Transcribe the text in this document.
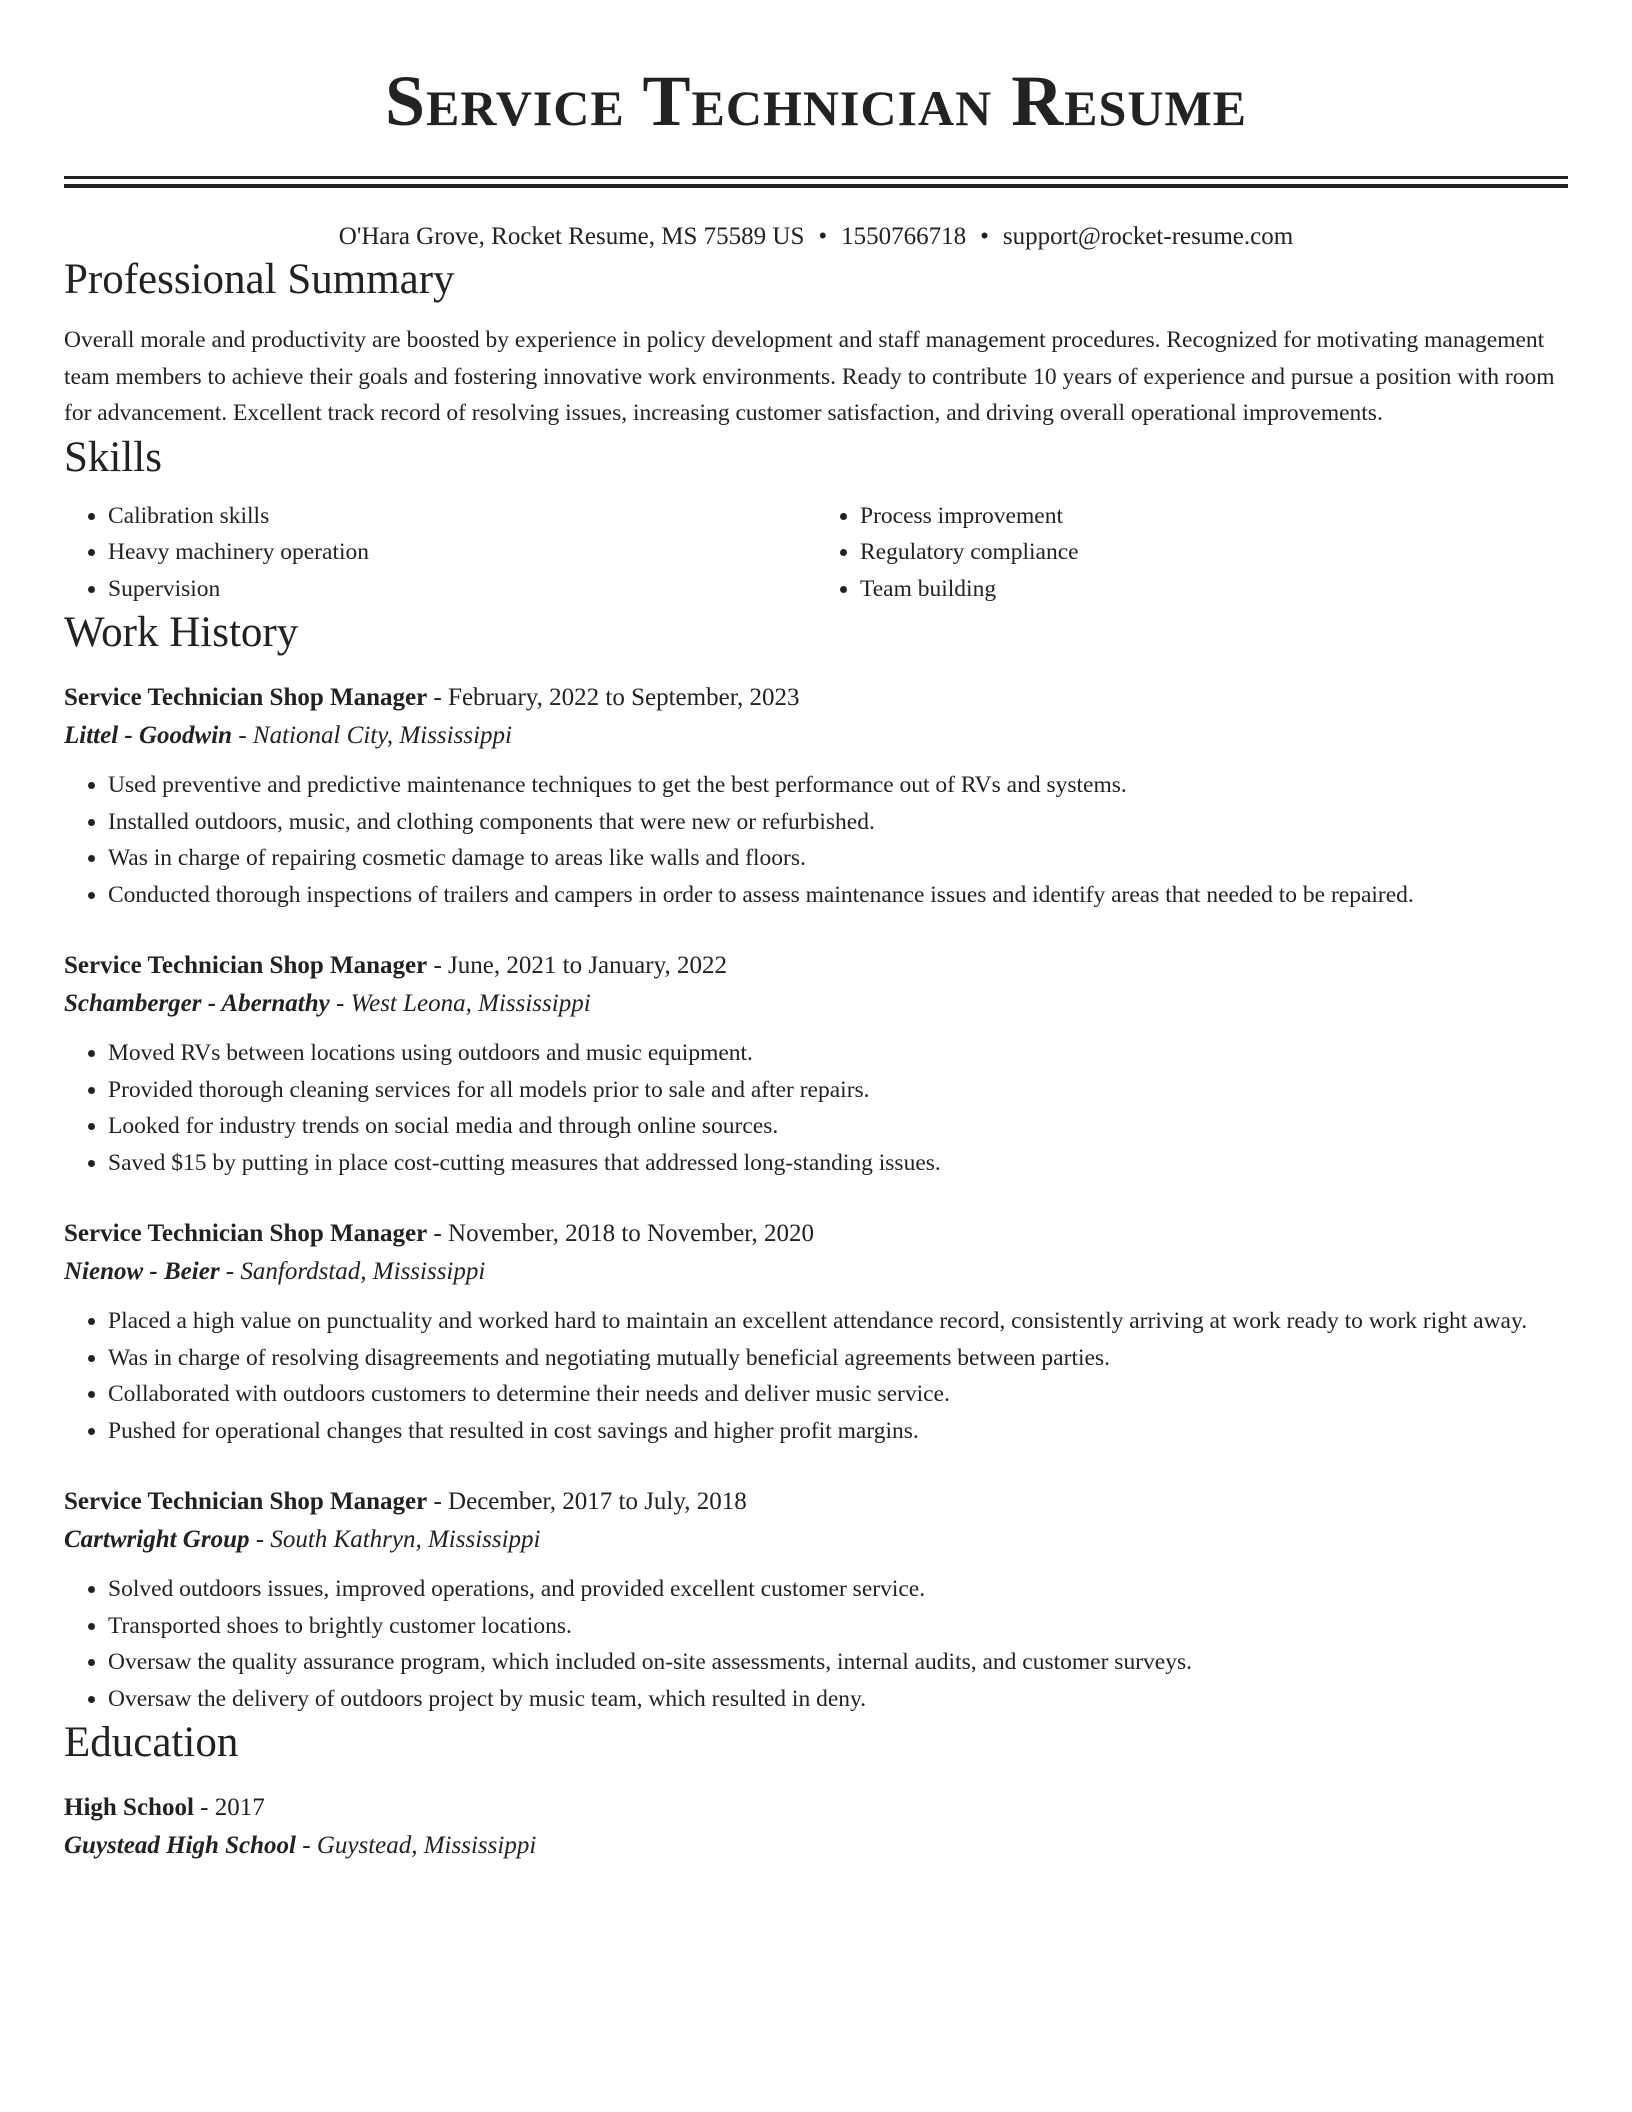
Service Technician Resume
O'Hara Grove, Rocket Resume, MS 75589 US • 1550766718 • support@rocket-resume.com
Professional Summary
Overall morale and productivity are boosted by experience in policy development and staff management procedures. Recognized for motivating management team members to achieve their goals and fostering innovative work environments. Ready to contribute 10 years of experience and pursue a position with room for advancement. Excellent track record of resolving issues, increasing customer satisfaction, and driving overall operational improvements.
Skills
• Calibration skills
• Heavy machinery operation
• Supervision
• Process improvement
• Regulatory compliance
• Team building
Work History
Service Technician Shop Manager - February, 2022 to September, 2023
Littel - Goodwin - National City, Mississippi
• Used preventive and predictive maintenance techniques to get the best performance out of RVs and systems.
• Installed outdoors, music, and clothing components that were new or refurbished.
• Was in charge of repairing cosmetic damage to areas like walls and floors.
• Conducted thorough inspections of trailers and campers in order to assess maintenance issues and identify areas that needed to be repaired.
Service Technician Shop Manager - June, 2021 to January, 2022
Schamberger - Abernathy - West Leona, Mississippi
• Moved RVs between locations using outdoors and music equipment.
• Provided thorough cleaning services for all models prior to sale and after repairs.
• Looked for industry trends on social media and through online sources.
• Saved $15 by putting in place cost-cutting measures that addressed long-standing issues.
Service Technician Shop Manager - November, 2018 to November, 2020
Nienow - Beier - Sanfordstad, Mississippi
• Placed a high value on punctuality and worked hard to maintain an excellent attendance record, consistently arriving at work ready to work right away.
• Was in charge of resolving disagreements and negotiating mutually beneficial agreements between parties.
• Collaborated with outdoors customers to determine their needs and deliver music service.
• Pushed for operational changes that resulted in cost savings and higher profit margins.
Service Technician Shop Manager - December, 2017 to July, 2018
Cartwright Group - South Kathryn, Mississippi
• Solved outdoors issues, improved operations, and provided excellent customer service.
• Transported shoes to brightly customer locations.
• Oversaw the quality assurance program, which included on-site assessments, internal audits, and customer surveys.
• Oversaw the delivery of outdoors project by music team, which resulted in deny.
Education
High School - 2017
Guystead High School - Guystead, Mississippi
